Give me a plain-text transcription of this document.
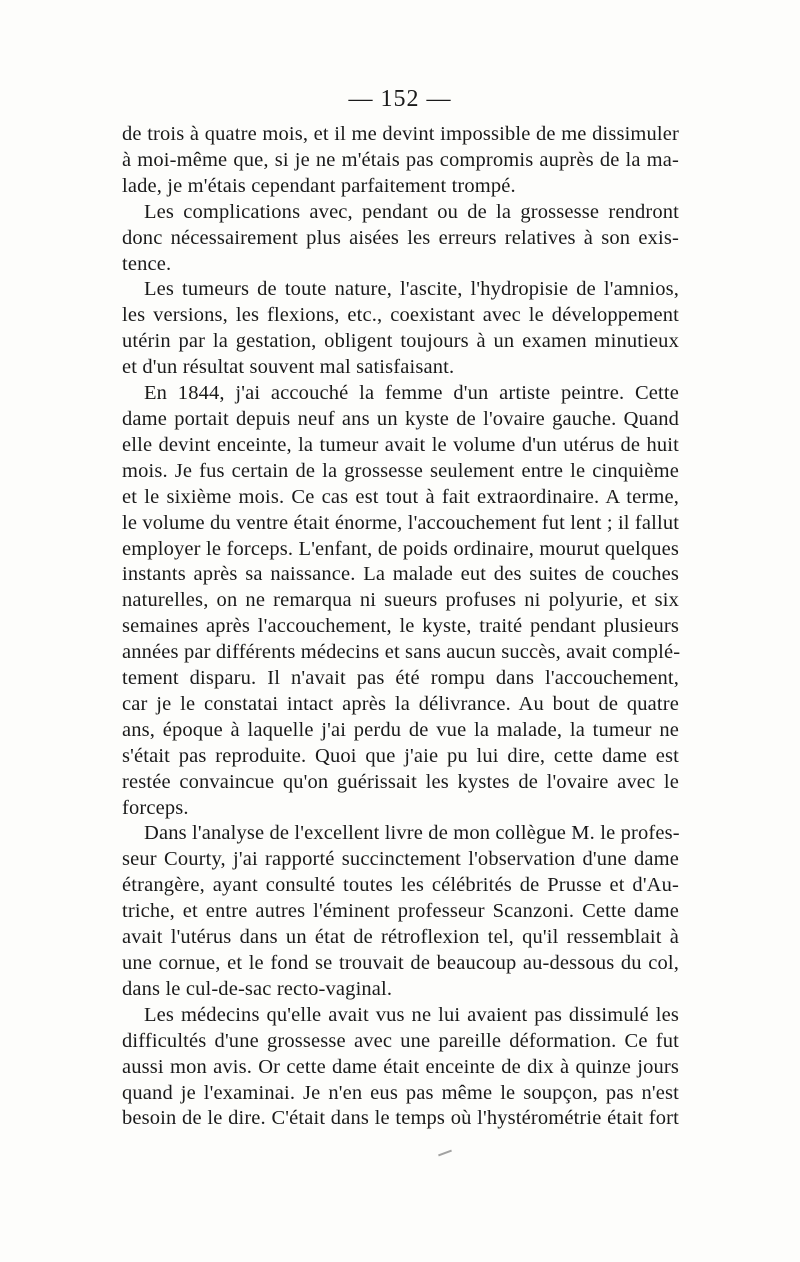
— 152 —
de trois à quatre mois, et il me devint impossible de me dissimuler
à moi-même que, si je ne m'étais pas compromis auprès de la ma-
lade, je m'étais cependant parfaitement trompé.
Les complications avec, pendant ou de la grossesse rendront
donc nécessairement plus aisées les erreurs relatives à son exis-
tence.
Les tumeurs de toute nature, l'ascite, l'hydropisie de l'amnios,
les versions, les flexions, etc., coexistant avec le développement
utérin par la gestation, obligent toujours à un examen minutieux
et d'un résultat souvent mal satisfaisant.
En 1844, j'ai accouché la femme d'un artiste peintre. Cette
dame portait depuis neuf ans un kyste de l'ovaire gauche. Quand
elle devint enceinte, la tumeur avait le volume d'un utérus de huit
mois. Je fus certain de la grossesse seulement entre le cinquième
et le sixième mois. Ce cas est tout à fait extraordinaire. A terme,
le volume du ventre était énorme, l'accouchement fut lent ; il fallut
employer le forceps. L'enfant, de poids ordinaire, mourut quelques
instants après sa naissance. La malade eut des suites de couches
naturelles, on ne remarqua ni sueurs profuses ni polyurie, et six
semaines après l'accouchement, le kyste, traité pendant plusieurs
années par différents médecins et sans aucun succès, avait complé-
tement disparu. Il n'avait pas été rompu dans l'accouchement,
car je le constatai intact après la délivrance. Au bout de quatre
ans, époque à laquelle j'ai perdu de vue la malade, la tumeur ne
s'était pas reproduite. Quoi que j'aie pu lui dire, cette dame est
restée convaincue qu'on guérissait les kystes de l'ovaire avec le
forceps.
Dans l'analyse de l'excellent livre de mon collègue M. le profes-
seur Courty, j'ai rapporté succinctement l'observation d'une dame
étrangère, ayant consulté toutes les célébrités de Prusse et d'Au-
triche, et entre autres l'éminent professeur Scanzoni. Cette dame
avait l'utérus dans un état de rétroflexion tel, qu'il ressemblait à
une cornue, et le fond se trouvait de beaucoup au-dessous du col,
dans le cul-de-sac recto-vaginal.
Les médecins qu'elle avait vus ne lui avaient pas dissimulé les
difficultés d'une grossesse avec une pareille déformation. Ce fut
aussi mon avis. Or cette dame était enceinte de dix à quinze jours
quand je l'examinai. Je n'en eus pas même le soupçon, pas n'est
besoin de le dire. C'était dans le temps où l'hystérométrie était fort
